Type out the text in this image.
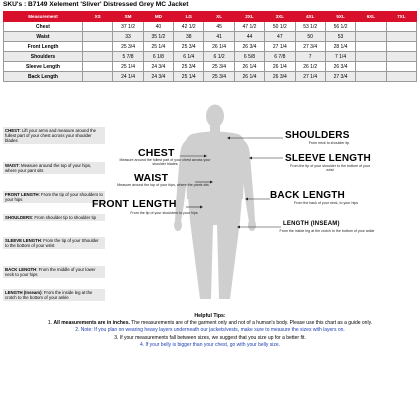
SKU's : B7149 Xelement 'Sliver' Distressed Grey MC Jacket
Measurement	XS	SM	MD	LG	XL	2XL	3XL	4XL	5XL	6XL	7XL
Chest		37 1/2	40	42 1/2	45	47 1/2	50 1/2	53 1/2	56 1/2		
Waist		33	35 1/2	38	41	44	47	50	53		
Front Length		25 3/4	25 1/4	25 3/4	26 1/4	26 3/4	27 1/4	27 3/4	28 1/4		
Shoulders		5 7/8	6 1/8	6 1/4	6 1/2	6 5/8	6 7/8	7	7 1/4		
Sleeve Length		25 1/4	24 3/4	25 3/4	25 3/4	26 1/4	26 1/4	26 1/2	26 3/4		
Back Length		24 1/4	24 3/4	25 1/4	25 3/4	26 1/4	26 3/4	27 1/4	27 3/4		
CHEST: Lift your arms and measure around the fullest part of your chest across your shoulder blades
WAIST: Measure around the top of your hips, where your pant sits
FRONT LENGTH: From the tip of your shoulders to your hips
SHOULDERS: From shoulder tip to shoulder tip
SLEEVE LENGTH: From the tip of your Shoulder to the bottom of your wrist
BACK LENGTH: From the middle of your lower neck to your hips
LENGTH (Inseam): From the inside leg at the crotch to the bottom of your ankle
CHEST
Measure around the fullest part of your chest across your shoulder blades
WAIST
Measure around the top of your hips, where the pants sits
FRONT LENGTH
From the tip of your shoulders to your hips
SHOULDERS
From neck to shoulder tip
SLEEVE LENGTH
From the tip of your shoulder to the bottom of your wrist
BACK LENGTH
From the back of your neck, to your hips
LENGTH (INSEAM)
From the inside leg at the crotch to the bottom of your ankle
Helpful Tips:
1. All measurements are in inches. The measurements are of the garment only and not of a human's body. Please use this chart as a guide only.
2. Note: If you plan on wearing heavy layers underneath our jackets/vests, make sure to measure the sizes with layers on.
3. If your measurements fall between sizes, we suggest that you size up for a better fit.
4. If your belly is bigger than your chest, go with your belly size.
